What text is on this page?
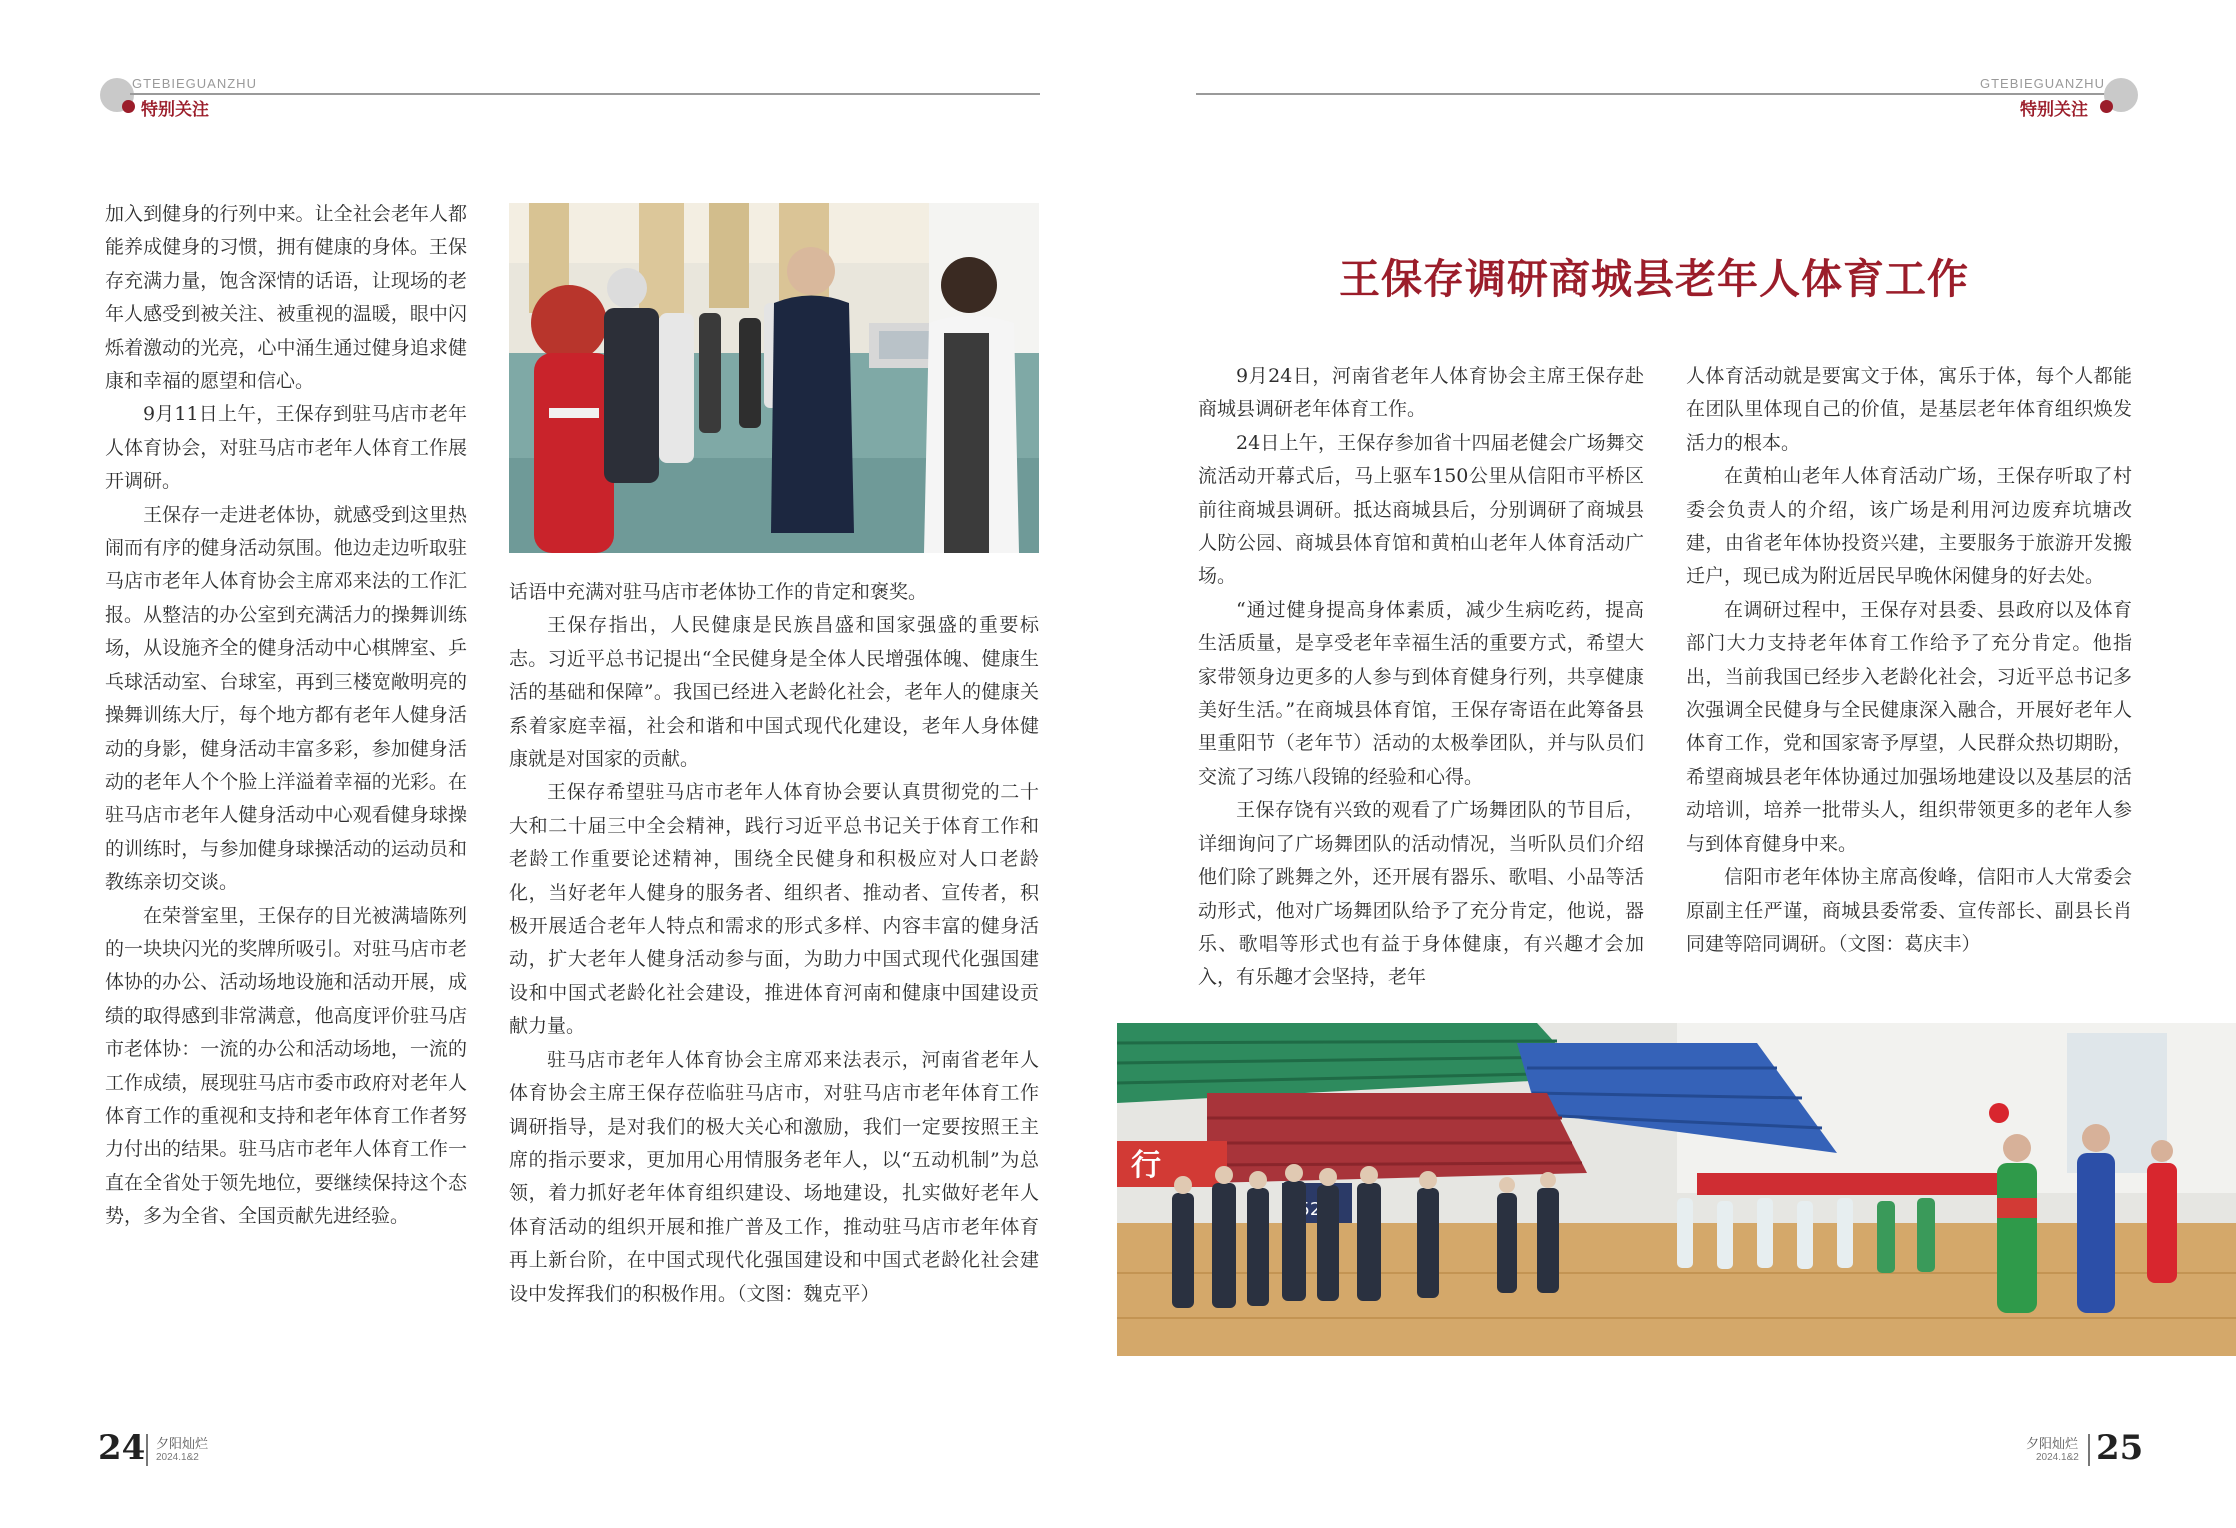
GTEBIEGUANZHU
特别关注
GTEBIEGUANZHU
特别关注

加入到健身的行列中来。让全社会老年人都能养成健身的习惯，拥有健康的身体。王保存充满力量，饱含深情的话语，让现场的老年人感受到被关注、被重视的温暖，眼中闪烁着激动的光亮，心中涌生通过健身追求健康和幸福的愿望和信心。

9月11日上午，王保存到驻马店市老年人体育协会，对驻马店市老年人体育工作展开调研。

王保存一走进老体协，就感受到这里热闹而有序的健身活动氛围。他边走边听取驻马店市老年人体育协会主席邓来法的工作汇报。从整洁的办公室到充满活力的操舞训练场，从设施齐全的健身活动中心棋牌室、乒乓球活动室、台球室，再到三楼宽敞明亮的操舞训练大厅，每个地方都有老年人健身活动的身影，健身活动丰富多彩，参加健身活动的老年人个个脸上洋溢着幸福的光彩。在驻马店市老年人健身活动中心观看健身球操的训练时，与参加健身球操活动的运动员和教练亲切交谈。

在荣誉室里，王保存的目光被满墙陈列的一块块闪光的奖牌所吸引。对驻马店市老体协的办公、活动场地设施和活动开展，成绩的取得感到非常满意，他高度评价驻马店市老体协：一流的办公和活动场地，一流的工作成绩，展现驻马店市委市政府对老年人体育工作的重视和支持和老年体育工作者努力付出的结果。驻马店市老年人体育工作一直在全省处于领先地位，要继续保持这个态势，多为全省、全国贡献先进经验。

话语中充满对驻马店市老体协工作的肯定和褒奖。

王保存指出，人民健康是民族昌盛和国家强盛的重要标志。习近平总书记提出“全民健身是全体人民增强体魄、健康生活的基础和保障”。我国已经进入老龄化社会，老年人的健康关系着家庭幸福，社会和谐和中国式现代化建设，老年人身体健康就是对国家的贡献。

王保存希望驻马店市老年人体育协会要认真贯彻党的二十大和二十届三中全会精神，践行习近平总书记关于体育工作和老龄工作重要论述精神，围绕全民健身和积极应对人口老龄化，当好老年人健身的服务者、组织者、推动者、宣传者，积极开展适合老年人特点和需求的形式多样、内容丰富的健身活动，扩大老年人健身活动参与面，为助力中国式现代化强国建设和中国式老龄化社会建设，推进体育河南和健康中国建设贡献力量。

驻马店市老年人体育协会主席邓来法表示，河南省老年人体育协会主席王保存莅临驻马店市，对驻马店市老年体育工作调研指导，是对我们的极大关心和激励，我们一定要按照王主席的指示要求，更加用心用情服务老年人，以“五动机制”为总领，着力抓好老年体育组织建设、场地建设，扎实做好老年人体育活动的组织开展和推广普及工作，推动驻马店市老年体育再上新台阶，在中国式现代化强国建设和中国式老龄化社会建设中发挥我们的积极作用。（文图：魏克平）

王保存调研商城县老年人体育工作

9月24日，河南省老年人体育协会主席王保存赴商城县调研老年体育工作。

24日上午，王保存参加省十四届老健会广场舞交流活动开幕式后，马上驱车150公里从信阳市平桥区前往商城县调研。抵达商城县后，分别调研了商城县人防公园、商城县体育馆和黄柏山老年人体育活动广场。

“通过健身提高身体素质，减少生病吃药，提高生活质量，是享受老年幸福生活的重要方式，希望大家带领身边更多的人参与到体育健身行列，共享健康美好生活。”在商城县体育馆，王保存寄语在此筹备县里重阳节（老年节）活动的太极拳团队，并与队员们交流了习练八段锦的经验和心得。

王保存饶有兴致的观看了广场舞团队的节目后，详细询问了广场舞团队的活动情况，当听队员们介绍他们除了跳舞之外，还开展有器乐、歌唱、小品等活动形式，他对广场舞团队给予了充分肯定，他说，器乐、歌唱等形式也有益于身体健康，有兴趣才会加入，有乐趣才会坚持，老年

人体育活动就是要寓文于体，寓乐于体，每个人都能在团队里体现自己的价值，是基层老年体育组织焕发活力的根本。

在黄柏山老年人体育活动广场，王保存听取了村委会负责人的介绍，该广场是利用河边废弃坑塘改建，由省老年体协投资兴建，主要服务于旅游开发搬迁户，现已成为附近居民早晚休闲健身的好去处。

在调研过程中，王保存对县委、县政府以及体育部门大力支持老年体育工作给予了充分肯定。他指出，当前我国已经步入老龄化社会，习近平总书记多次强调全民健身与全民健康深入融合，开展好老年人体育工作，党和国家寄予厚望，人民群众热切期盼，希望商城县老年体协通过加强场地建设以及基层的活动培训，培养一批带头人，组织带领更多的老年人参与到体育健身中来。

信阳市老年体协主席高俊峰，信阳市人大常委会原副主任严谨，商城县委常委、宣传部长、副县长肖同建等陪同调研。（文图：葛庆丰）

行
24 夕阳灿烂
2024.1&2
夕阳灿烂
2024.1&2 25
